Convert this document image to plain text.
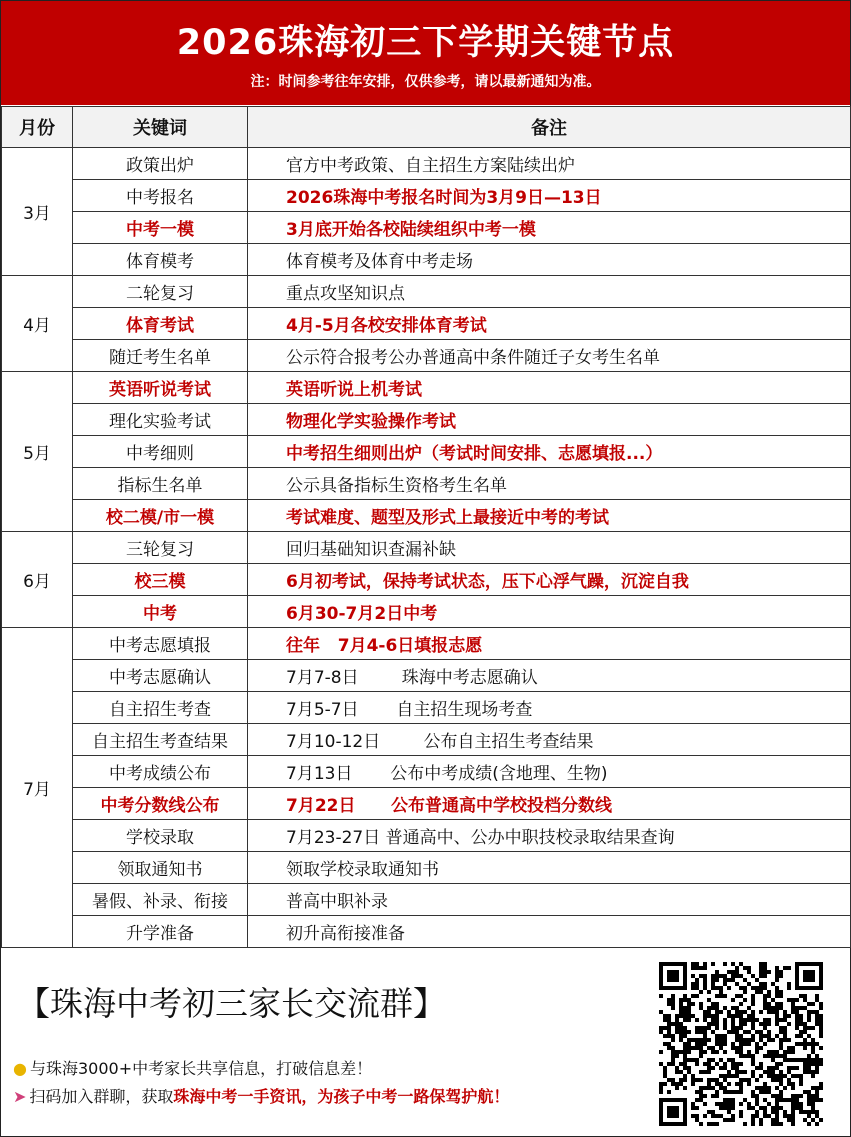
2026珠海初三下学期关键节点
注：时间参考往年安排，仅供参考，请以最新通知为准。
月份	关键词	备注
3月	政策出炉	官方中考政策、自主招生方案陆续出炉
	中考报名	2026珠海中考报名时间为3月9日—13日
	中考一模	3月底开始各校陆续组织中考一模
	体育模考	体育模考及体育中考走场
4月	二轮复习	重点攻坚知识点
	体育考试	4月-5月各校安排体育考试
	随迁考生名单	公示符合报考公办普通高中条件随迁子女考生名单
5月	英语听说考试	英语听说上机考试
	理化实验考试	物理化学实验操作考试
	中考细则	中考招生细则出炉（考试时间安排、志愿填报...）
	指标生名单	公示具备指标生资格考生名单
	校二模/市一模	考试难度、题型及形式上最接近中考的考试
6月	三轮复习	回归基础知识查漏补缺
	校三模	6月初考试，保持考试状态，压下心浮气躁，沉淀自我
	中考	6月30-7月2日中考
7月	中考志愿填报	往年   7月4-6日填报志愿
	中考志愿确认	7月7-8日        珠海中考志愿确认
	自主招生考查	7月5-7日       自主招生现场考查
	自主招生考查结果	7月10-12日        公布自主招生考查结果
	中考成绩公布	7月13日       公布中考成绩(含地理、生物)
	中考分数线公布	7月22日      公布普通高中学校投档分数线
	学校录取	7月23-27日 普通高中、公办中职技校录取结果查询
	领取通知书	领取学校录取通知书
	暑假、补录、衔接	普高中职补录
	升学准备	初升高衔接准备
【珠海中考初三家长交流群】
● 与珠海3000+中考家长共享信息，打破信息差！
➤ 扫码加入群聊，获取珠海中考一手资讯，为孩子中考一路保驾护航！
